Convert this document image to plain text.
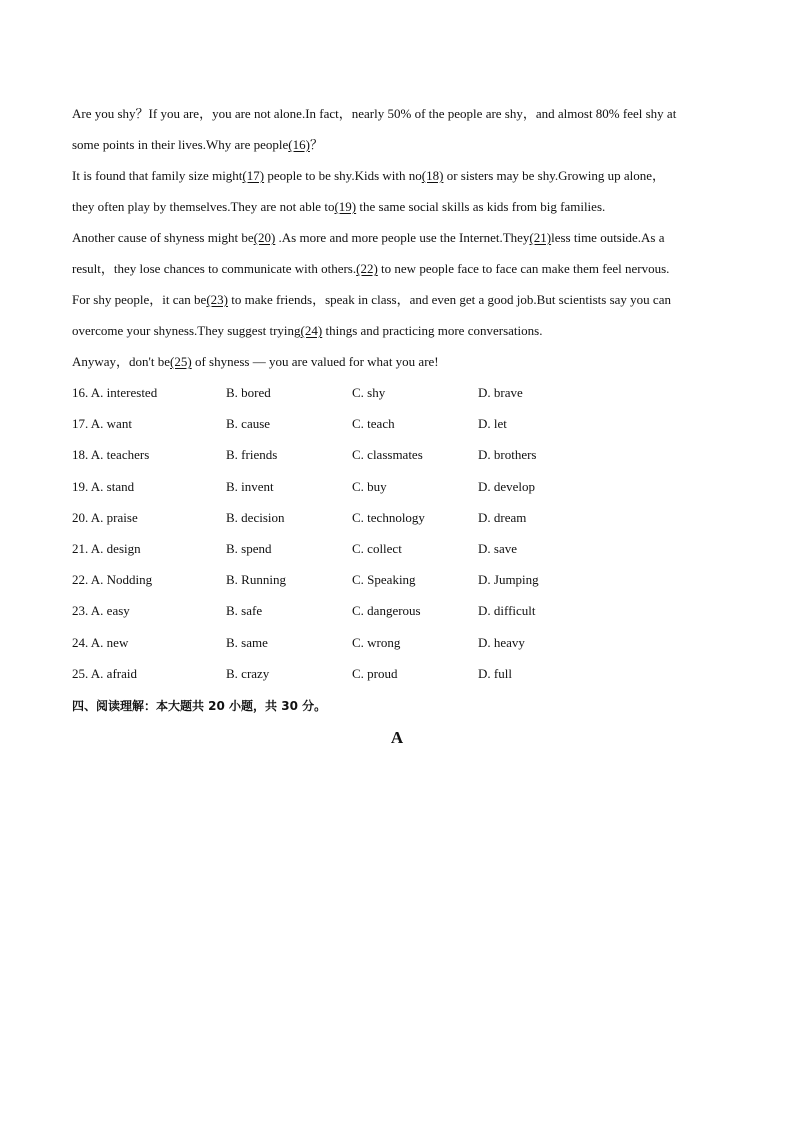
Are you shy？If you are，you are not alone.In fact，nearly 50% of the people are shy，and almost 80% feel shy at
some points in their lives.Why are people(16)？
It is found that family size might(17) people to be shy.Kids with no(18) or sisters may be shy.Growing up alone，
they often play by themselves.They are not able to(19) the same social skills as kids from big families.
Another cause of shyness might be(20) .As more and more people use the Internet.They(21)less time outside.As a
result，they lose chances to communicate with others.(22) to new people face to face can make them feel nervous.
For shy people，it can be(23) to make friends，speak in class，and even get a good job.But scientists say you can
overcome your shyness.They suggest trying(24) things and practicing more conversations.
Anyway，don't be(25) of shyness — you are valued for what you are!
16. A. interested	B. bored	C. shy	D. brave
17. A. want	B. cause	C. teach	D. let
18. A. teachers	B. friends	C. classmates	D. brothers
19. A. stand	B. invent	C. buy	D. develop
20. A. praise	B. decision	C. technology	D. dream
21. A. design	B. spend	C. collect	D. save
22. A. Nodding	B. Running	C. Speaking	D. Jumping
23. A. easy	B. safe	C. dangerous	D. difficult
24. A. new	B. same	C. wrong	D. heavy
25. A. afraid	B. crazy	C. proud	D. full
四、阅读理解：本大题共 20 小题，共 30 分。
A
